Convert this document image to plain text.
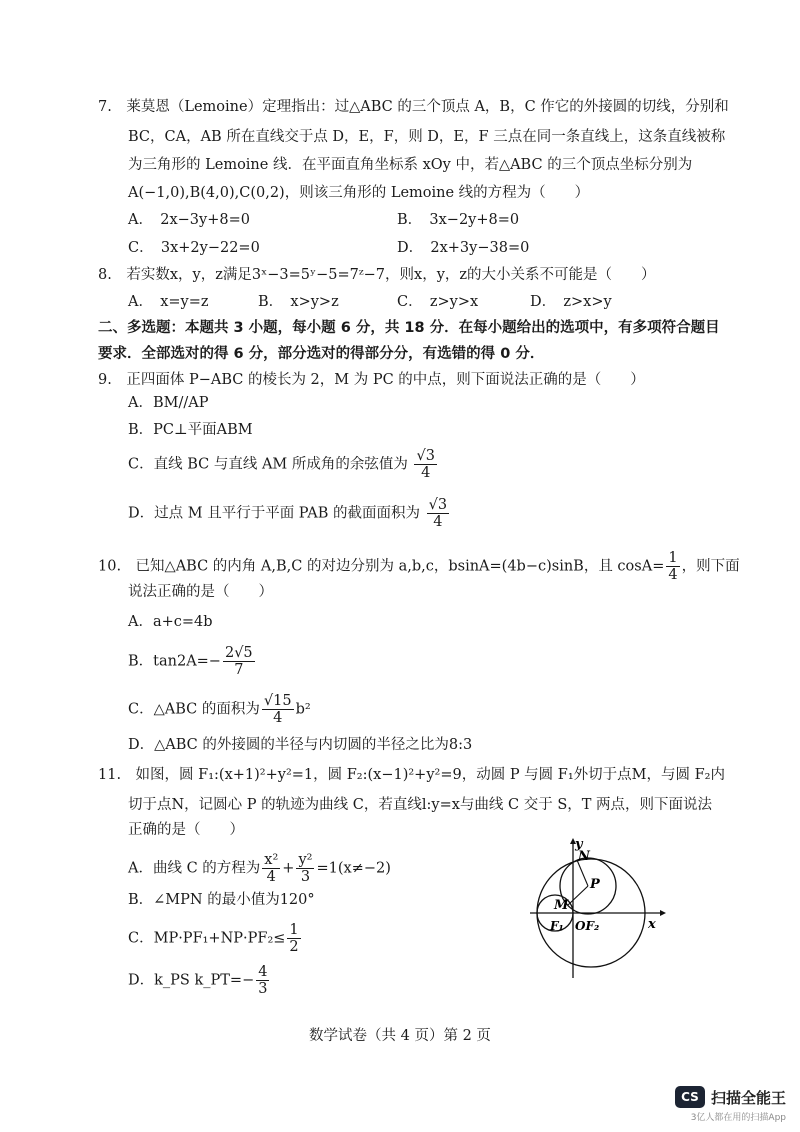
7.　莱莫恩（Lemoine）定理指出：过△ABC 的三个顶点 A，B，C 作它的外接圆的切线，分别和
BC，CA，AB 所在直线交于点 D，E，F，则 D，E，F 三点在同一条直线上，这条直线被称
为三角形的 Lemoine 线．在平面直角坐标系 xOy 中，若△ABC 的三个顶点坐标分别为
A(−1,0),B(4,0),C(0,2)，则该三角形的 Lemoine 线的方程为（　　）
A．　2x−3y+8=0	B．　3x−2y+8=0
C．　3x+2y−22=0	D．　2x+3y−38=0
8.　若实数x，y，z满足3ˣ−3=5ʸ−5=7ᶻ−7，则x，y，z的大小关系不可能是（　　）
A．　x=y=z	B．　x>y>z	C．　z>y>x	D．　z>x>y
二、多选题：本题共 3 小题，每小题 6 分，共 18 分．在每小题给出的选项中，有多项符合题目
要求．全部选对的得 6 分，部分选对的得部分分，有选错的得 0 分．
9.　正四面体 P−ABC 的棱长为 2，M 为 PC 的中点，则下面说法正确的是（　　）
A．BM//AP
B．PC⊥平面ABM
C．直线 BC 与直线 AM 所成角的余弦值为 $\frac{√3}{4}$
D．过点 M 且平行于平面 PAB 的截面面积为 $\frac{√3}{4}$
10.　已知△ABC 的内角 A,B,C 的对边分别为 a,b,c，bsinA=(4b−c)sinB，且 $\cos A= \frac{1}{4}$ ，则下面
说法正确的是（　　）
A．a+c=4b
B．$\tan 2A=- \frac{2√5}{7}$
C．△ABC 的面积为 $\frac{√15}{4} b^2$
D．△ABC 的外接圆的半径与内切圆的半径之比为8:3
11.　如图，圆 F₁:(x+1)²+y²=1，圆 F₂:(x−1)²+y²=9，动圆 P 与圆 F₁外切于点M，与圆 F₂内
切于点N，记圆心 P 的轨迹为曲线 C，若直线l:y=x与曲线 C 交于 S，T 两点，则下面说法
正确的是（　　）
A．曲线 C 的方程为 $\frac{\text{x²}}{4} + \frac{\text{y²}}{3} =1(x\ne-2)$
B．∠MPN 的最小值为120°
C．$MP\cdot PF_1+NP\cdot PF_2\le \frac{1}{2}$
D．k_PS k_PT=− $\frac{4}{3}$
y
N
P
M
F₁ OF₂	x
数学试卷（共 4 页）第 2 页
CS 扫描全能王
3亿人都在用的扫描App
